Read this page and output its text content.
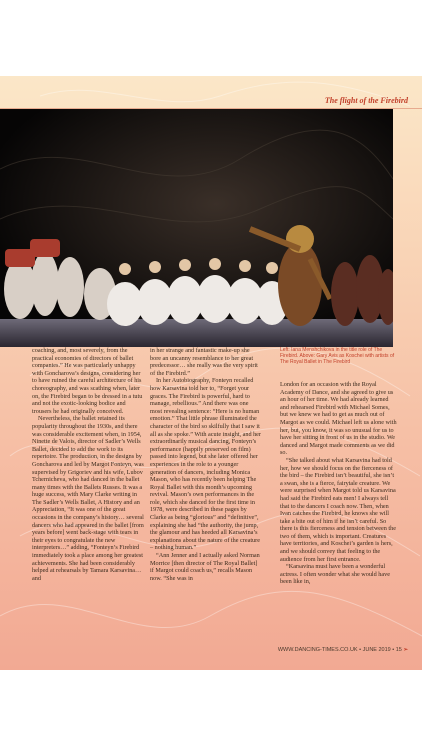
The flight of the Firebird

coaching, and, most severely, from the practical economies of directors of ballet companies.” He was particularly unhappy with Goncharova’s designs, considering her to have ruined the careful architecture of his choreography, and was scathing when, later on, the Firebird began to be dressed in a tutu and not the exotic-looking bodice and trousers he had originally conceived.

Nevertheless, the ballet retained its popularity throughout the 1930s, and there was considerable excitement when, in 1954, Ninette de Valois, director of Sadler’s Wells Ballet, decided to add the work to its repertoire. The production, in the designs by Goncharova and led by Margot Fonteyn, was supervised by Grigoriev and his wife, Lubov Tchernicheva, who had danced in the ballet many times with the Ballets Russes. It was a huge success, with Mary Clarke writing in The Sadler’s Wells Ballet, A History and an Appreciation, “It was one of the great occasions in the company’s history… several dancers who had appeared in the ballet [from years before] went back-stage with tears in their eyes to congratulate the new interpreters…” adding, “Fonteyn’s Firebird immediately took a place among her greatest achievements. She had been considerably helped at rehearsals by Tamara Karsavina… and

in her strange and fantastic make-up she bore an uncanny resemblance to her great predecessor… she really was the very spirit of the Firebird.”

In her Autobiography, Fonteyn recalled how Karsavina told her to, “Forget your graces. The Firebird is powerful, hard to manage, rebellious.” And there was one most revealing sentence: “Here is no human emotion.” That little phrase illuminated the character of the bird so skilfully that I saw it all as she spoke.” With acute insight, and her extraordinarily musical dancing, Fonteyn’s performance (happily preserved on film) passed into legend, but she later offered her experiences in the role to a younger generation of dancers, including Monica Mason, who has recently been helping The Royal Ballet with this month’s upcoming revival. Mason’s own performances in the role, which she danced for the first time in 1978, were described in these pages by Clarke as being “glorious” and “definitive”, explaining she had “the authority, the jump, the glamour and has heeded all Karsavina’s explanations about the nature of the creature – nothing human.”

“Ann Jenner and I actually asked Norman Morrice [then director of The Royal Ballet] if Margot could coach us,” recalls Mason now. “She was in

Left: Iana Menshchikova in the title role of The Firebird. Above: Gary Avis as Koschei with artists of The Royal Ballet in The Firebird

London for an occasion with the Royal Academy of Dance, and she agreed to give us an hour of her time. We had already learned and rehearsed Firebird with Michael Somes, but we knew we had to get as much out of Margot as we could. Michael left us alone with her, but, you know, it was so unusual for us to have her sitting in front of us in the studio. We danced and Margot made comments as we did so.

“She talked about what Karsavina had told her, how we should focus on the fierceness of the bird – the Firebird isn’t beautiful, she isn’t a swan, she is a fierce, fairytale creature. We were surprised when Margot told us Karsavina had said the Firebird eats men! I always tell that to the dancers I coach now. Then, when Ivan catches the Firebird, he knows she will take a bite out of him if he isn’t careful. So there is this fierceness and tension between the two of them, which is important. Creatures have territories, and Koschei’s garden is hers, and we should convey that feeling to the audience from her first entrance.

“Karsavina must have been a wonderful actress. I often wonder what she would have been like in,

WWW.DANCING-TIMES.CO.UK • JUNE 2019 • 15 ➢
